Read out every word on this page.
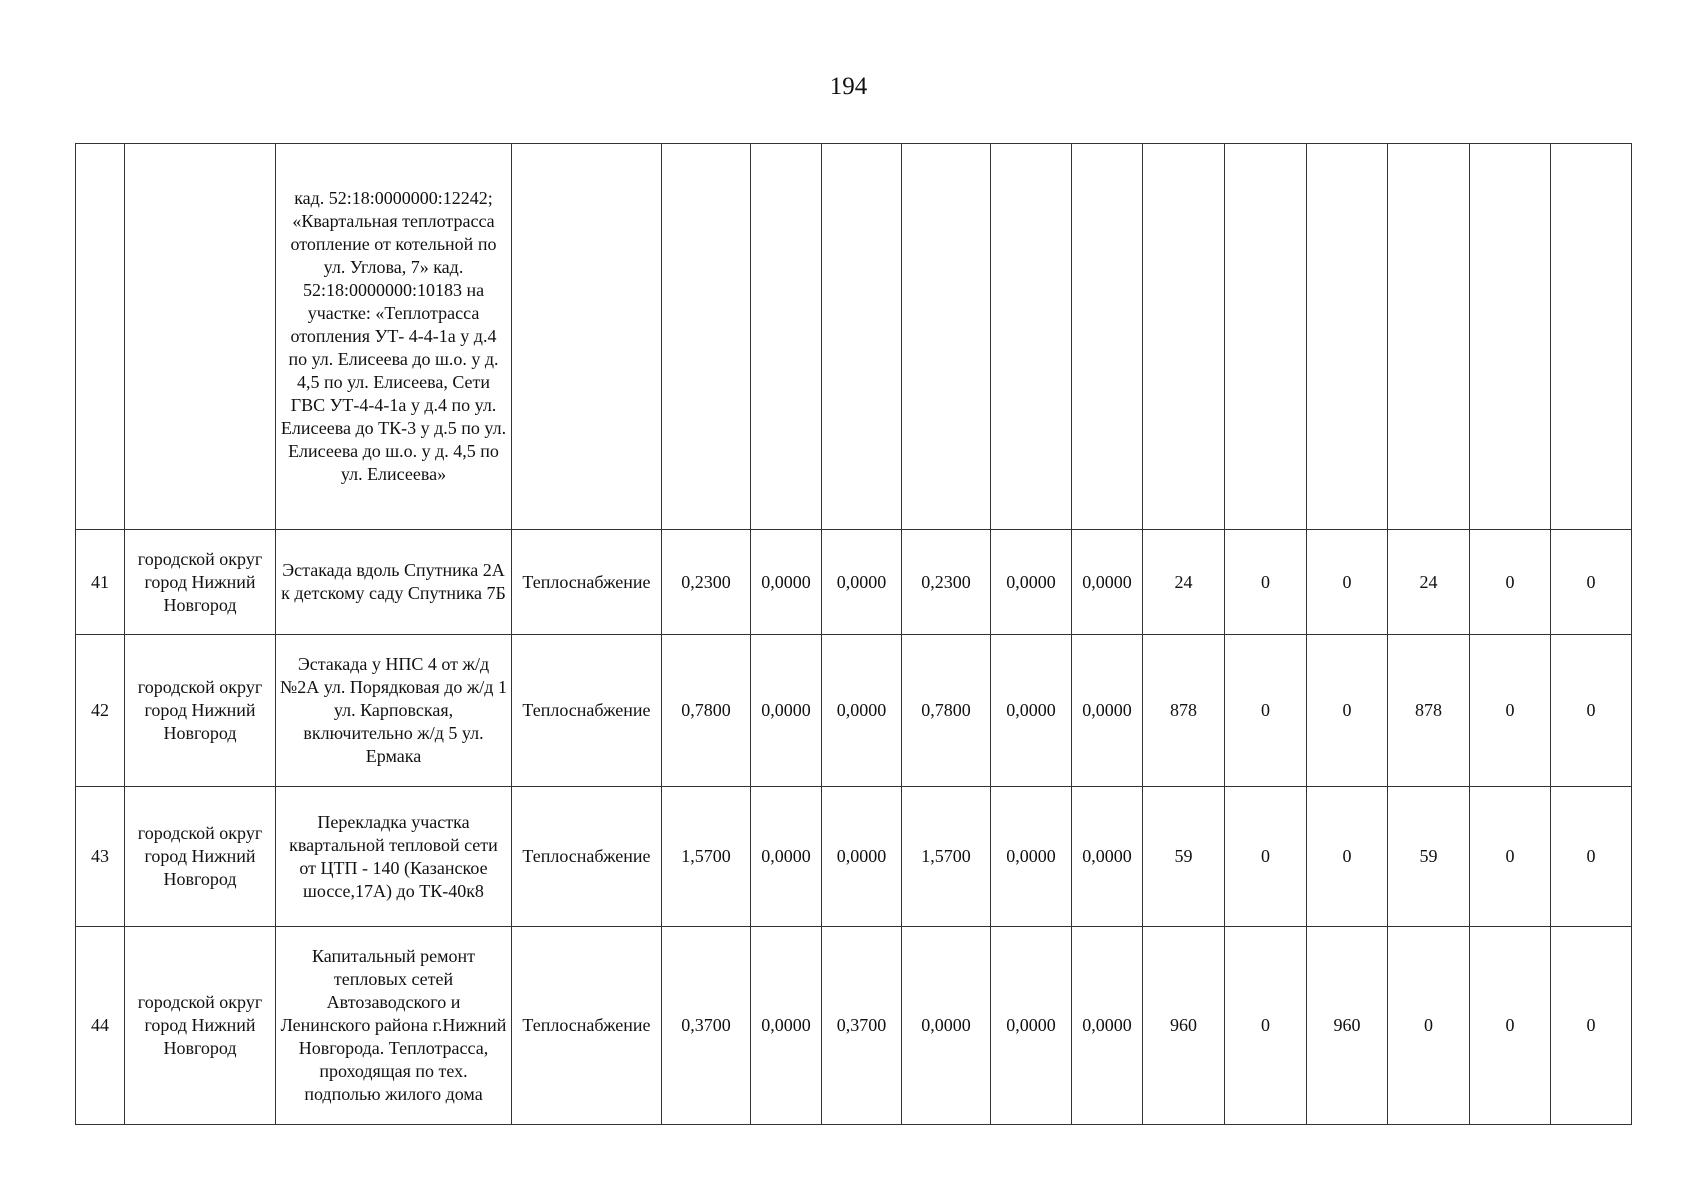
194
		кад. 52:18:0000000:12242; «Квартальная теплотрасса отопление от котельной по ул. Углова, 7» кад. 52:18:0000000:10183 на участке: «Теплотрасса отопления УТ- 4-4-1а у д.4 по ул. Елисеева до ш.о. у д. 4,5 по ул. Елисеева, Сети ГВС УТ-4-4-1а у д.4 по ул. Елисеева до ТК-3 у д.5 по ул. Елисеева до ш.о. у д. 4,5 по ул. Елисеева»													
41	городской округ город Нижний Новгород	Эстакада вдоль Спутника 2А к детскому саду Спутника 7Б	Теплоснабжение	0,2300	0,0000	0,0000	0,2300	0,0000	0,0000	24	0	0	24	0	0
42	городской округ город Нижний Новгород	Эстакада у НПС 4 от ж/д №2А ул. Порядковая до ж/д 1 ул. Карповская, включительно ж/д 5 ул. Ермака	Теплоснабжение	0,7800	0,0000	0,0000	0,7800	0,0000	0,0000	878	0	0	878	0	0
43	городской округ город Нижний Новгород	Перекладка участка квартальной тепловой сети от ЦТП - 140 (Казанское шоссе,17А) до ТК-40к8	Теплоснабжение	1,5700	0,0000	0,0000	1,5700	0,0000	0,0000	59	0	0	59	0	0
44	городской округ город Нижний Новгород	Капитальный ремонт тепловых сетей Автозаводского и Ленинского района г.Нижний Новгорода. Теплотрасса, проходящая по тех. подполью жилого дома	Теплоснабжение	0,3700	0,0000	0,3700	0,0000	0,0000	0,0000	960	0	960	0	0	0
